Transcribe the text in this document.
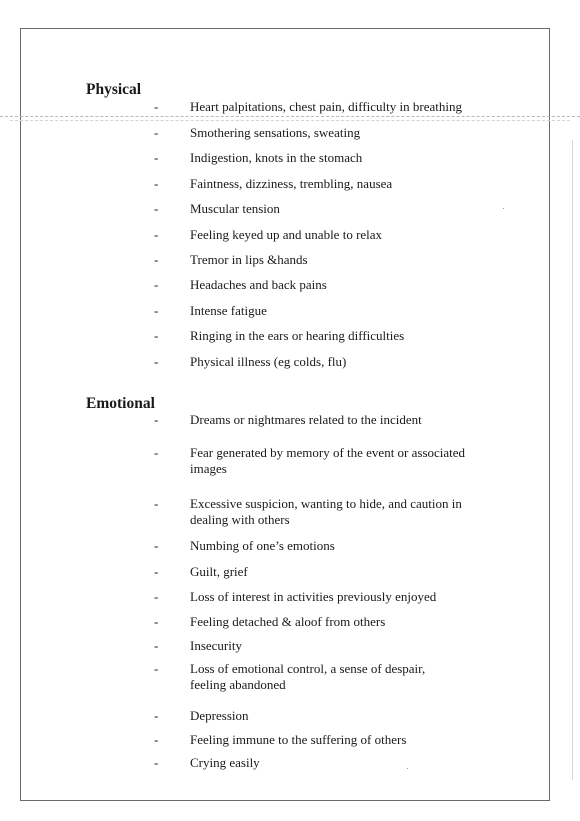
Physical
- Heart palpitations, chest pain, difficulty in breathing
- Smothering sensations, sweating
- Indigestion, knots in the stomach
- Faintness, dizziness, trembling, nausea
- Muscular tension
- Feeling keyed up and unable to relax
- Tremor in lips &hands
- Headaches and back pains
- Intense fatigue
- Ringing in the ears or hearing difficulties
- Physical illness (eg colds, flu)
Emotional
- Dreams or nightmares related to the incident
- Fear generated by memory of the event or associated images
- Excessive suspicion, wanting to hide, and caution in dealing with others
- Numbing of one’s emotions
- Guilt, grief
- Loss of interest in activities previously enjoyed
- Feeling detached & aloof from others
- Insecurity
- Loss of emotional control, a sense of despair, feeling abandoned
- Depression
- Feeling immune to the suffering of others
- Crying easily
